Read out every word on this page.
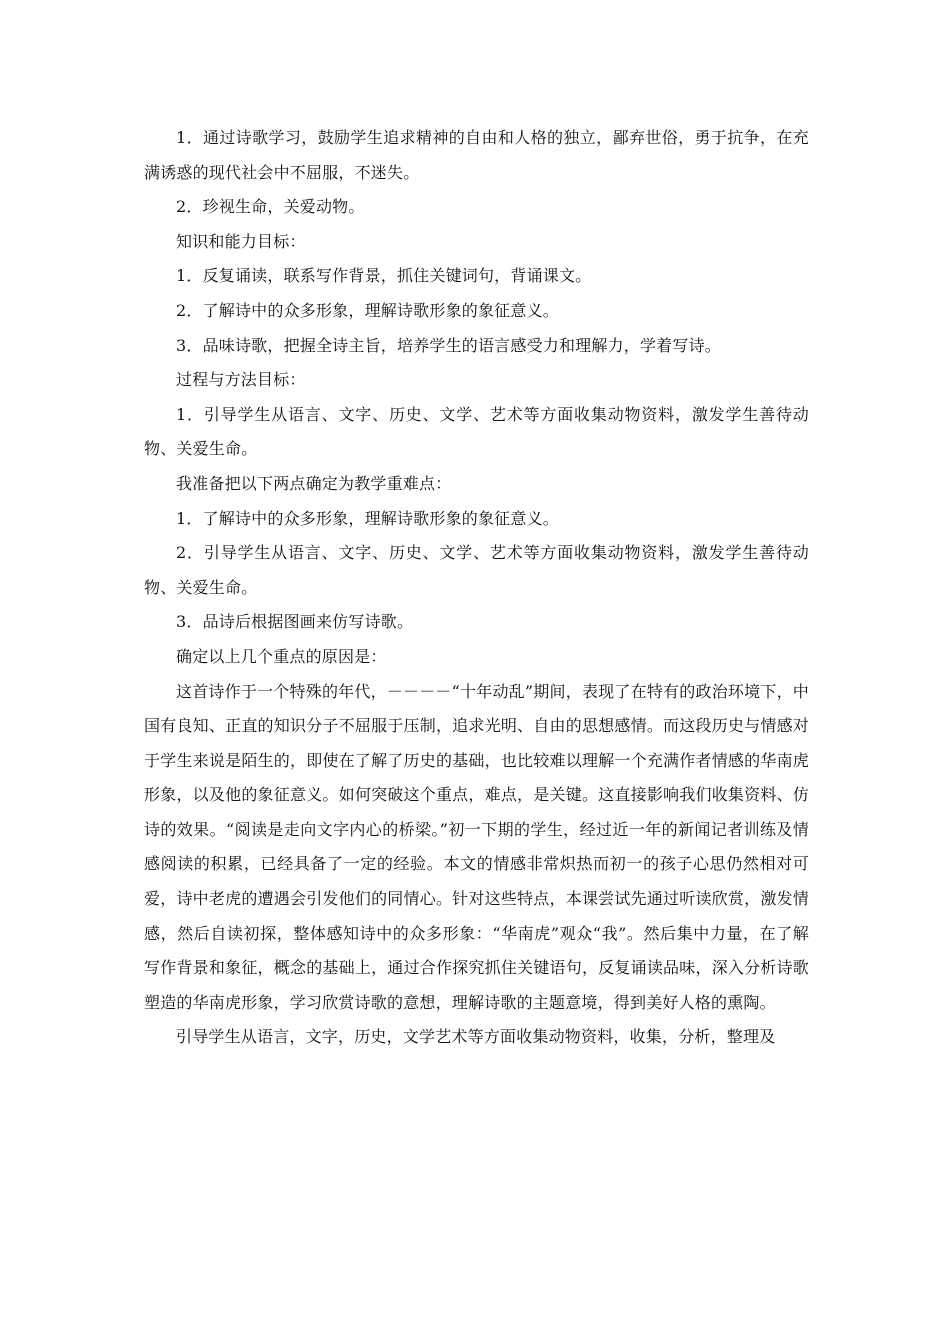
1．通过诗歌学习，鼓励学生追求精神的自由和人格的独立，鄙弃世俗，勇于抗争，在充满诱惑的现代社会中不屈服，不迷失。

2．珍视生命，关爱动物。

知识和能力目标：

1．反复诵读，联系写作背景，抓住关键词句，背诵课文。

2．了解诗中的众多形象，理解诗歌形象的象征意义。

3．品味诗歌，把握全诗主旨，培养学生的语言感受力和理解力，学着写诗。

过程与方法目标：

1．引导学生从语言、文字、历史、文学、艺术等方面收集动物资料，激发学生善待动物、关爱生命。

我准备把以下两点确定为教学重难点：

1．了解诗中的众多形象，理解诗歌形象的象征意义。

2．引导学生从语言、文字、历史、文学、艺术等方面收集动物资料，激发学生善待动物、关爱生命。

3．品诗后根据图画来仿写诗歌。

确定以上几个重点的原因是：

这首诗作于一个特殊的年代，－－－－“十年动乱”期间，表现了在特有的政治环境下，中国有良知、正直的知识分子不屈服于压制，追求光明、自由的思想感情。而这段历史与情感对于学生来说是陌生的，即使在了解了历史的基础，也比较难以理解一个充满作者情感的华南虎形象，以及他的象征意义。如何突破这个重点，难点，是关键。这直接影响我们收集资料、仿诗的效果。“阅读是走向文字内心的桥梁。”初一下期的学生，经过近一年的新闻记者训练及情感阅读的积累，已经具备了一定的经验。本文的情感非常炽热而初一的孩子心思仍然相对可爱，诗中老虎的遭遇会引发他们的同情心。针对这些特点，本课尝试先通过听读欣赏，激发情感，然后自读初探，整体感知诗中的众多形象：“华南虎”观众“我”。然后集中力量，在了解写作背景和象征，概念的基础上，通过合作探究抓住关键语句，反复诵读品味，深入分析诗歌塑造的华南虎形象，学习欣赏诗歌的意想，理解诗歌的主题意境，得到美好人格的熏陶。

引导学生从语言，文字，历史，文学艺术等方面收集动物资料，收集，分析，整理及
